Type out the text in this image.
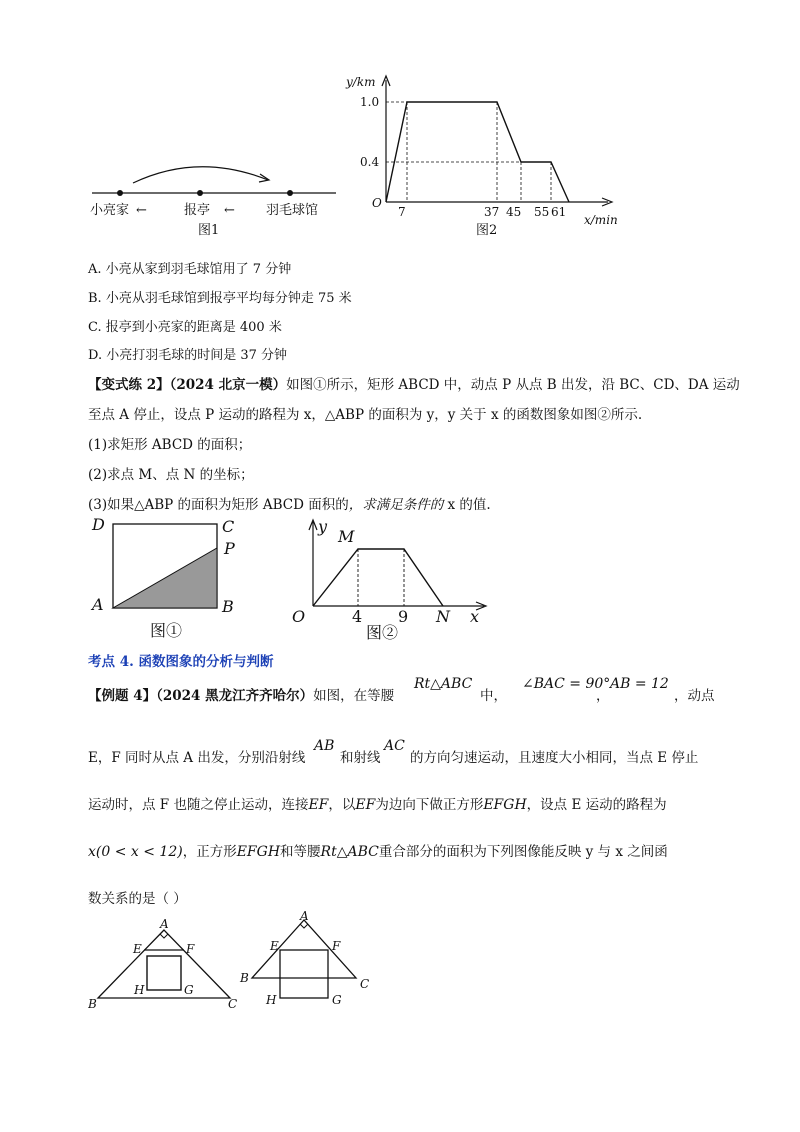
小亮家 ←	报亭 ← 羽毛球馆
图1
y/km
O
1.0
0.4
7	37 45 55 61
x/min
图2
A. 小亮从家到羽毛球馆用了 7 分钟
B. 小亮从羽毛球馆到报亭平均每分钟走 75 米
C. 报亭到小亮家的距离是 400 米
D. 小亮打羽毛球的时间是 37 分钟
【变式练 2】（2024 北京一模）如图①所示，矩形 ABCD 中，动点 P 从点 B 出发，沿 BC、CD、DA 运动
至点 A 停止，设点 P 运动的路程为 x，△ABP 的面积为 y，y 关于 x 的函数图象如图②所示.
(1)求矩形 ABCD 的面积；
(2)求点 M、点 N 的坐标；
(3)如果△ABP 的面积为矩形 ABCD 面积的，求满足条件的 x 的值.
D	C
P
A	B
图①
y
M
O	4 9 N x
图②
考点 4. 函数图象的分析与判断
【例题 4】（2024 黑龙江齐齐哈尔）如图，在等腰
Rt△ABC
中，
∠BAC = 90°
，
AB = 12
，动点
E，F 同时从点 A 出发，分别沿射线
AB
和射线
AC
的方向匀速运动，且速度大小相同，当点 E 停止
运动时，点 F 也随之停止运动，连接EF，以EF为边向下做正方形EFGH，设点 E 运动的路程为
x(0 < x < 12)，正方形EFGH和等腰Rt△ABC重合部分的面积为下列图像能反映 y 与 x 之间函
数关系的是（ ）
A
E	F
B
H	G
C
A
E	F
B	C
H	G
